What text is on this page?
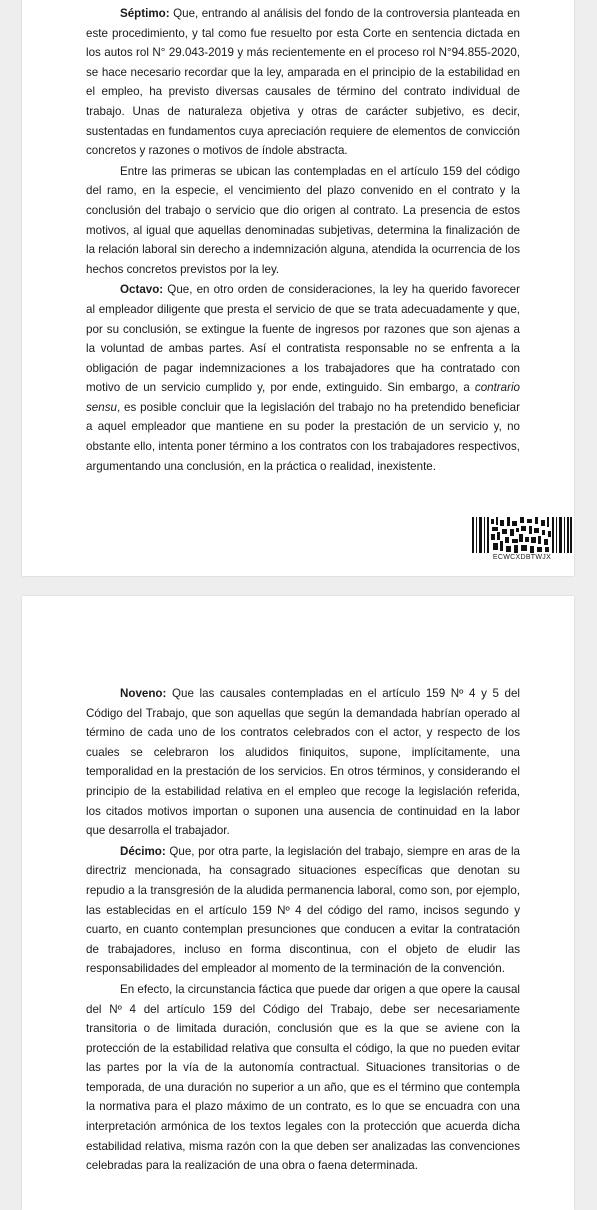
Séptimo: Que, entrando al análisis del fondo de la controversia planteada en este procedimiento, y tal como fue resuelto por esta Corte en sentencia dictada en los autos rol N° 29.043-2019 y más recientemente en el proceso rol N°94.855-2020, se hace necesario recordar que la ley, amparada en el principio de la estabilidad en el empleo, ha previsto diversas causales de término del contrato individual de trabajo. Unas de naturaleza objetiva y otras de carácter subjetivo, es decir, sustentadas en fundamentos cuya apreciación requiere de elementos de convicción concretos y razones o motivos de índole abstracta.

Entre las primeras se ubican las contempladas en el artículo 159 del código del ramo, en la especie, el vencimiento del plazo convenido en el contrato y la conclusión del trabajo o servicio que dio origen al contrato. La presencia de estos motivos, al igual que aquellas denominadas subjetivas, determina la finalización de la relación laboral sin derecho a indemnización alguna, atendida la ocurrencia de los hechos concretos previstos por la ley.

Octavo: Que, en otro orden de consideraciones, la ley ha querido favorecer al empleador diligente que presta el servicio de que se trata adecuadamente y que, por su conclusión, se extingue la fuente de ingresos por razones que son ajenas a la voluntad de ambas partes. Así el contratista responsable no se enfrenta a la obligación de pagar indemnizaciones a los trabajadores que ha contratado con motivo de un servicio cumplido y, por ende, extinguido. Sin embargo, a contrario sensu, es posible concluir que la legislación del trabajo no ha pretendido beneficiar a aquel empleador que mantiene en su poder la prestación de un servicio y, no obstante ello, intenta poner término a los contratos con los trabajadores respectivos, argumentando una conclusión, en la práctica o realidad, inexistente.

ECWCXDBTWJX

Noveno: Que las causales contempladas en el artículo 159 Nº 4 y 5 del Código del Trabajo, que son aquellas que según la demandada habrían operado al término de cada uno de los contratos celebrados con el actor, y respecto de los cuales se celebraron los aludidos finiquitos, supone, implícitamente, una temporalidad en la prestación de los servicios. En otros términos, y considerando el principio de la estabilidad relativa en el empleo que recoge la legislación referida, los citados motivos importan o suponen una ausencia de continuidad en la labor que desarrolla el trabajador.

Décimo: Que, por otra parte, la legislación del trabajo, siempre en aras de la directriz mencionada, ha consagrado situaciones específicas que denotan su repudio a la transgresión de la aludida permanencia laboral, como son, por ejemplo, las establecidas en el artículo 159 Nº 4 del código del ramo, incisos segundo y cuarto, en cuanto contemplan presunciones que conducen a evitar la contratación de trabajadores, incluso en forma discontinua, con el objeto de eludir las responsabilidades del empleador al momento de la terminación de la convención.

En efecto, la circunstancia fáctica que puede dar origen a que opere la causal del Nº 4 del artículo 159 del Código del Trabajo, debe ser necesariamente transitoria o de limitada duración, conclusión que es la que se aviene con la protección de la estabilidad relativa que consulta el código, la que no pueden evitar las partes por la vía de la autonomía contractual. Situaciones transitorias o de temporada, de una duración no superior a un año, que es el término que contempla la normativa para el plazo máximo de un contrato, es lo que se encuadra con una interpretación armónica de los textos legales con la protección que acuerda dicha estabilidad relativa, misma razón con la que deben ser analizadas las convenciones celebradas para la realización de una obra o faena determinada.
